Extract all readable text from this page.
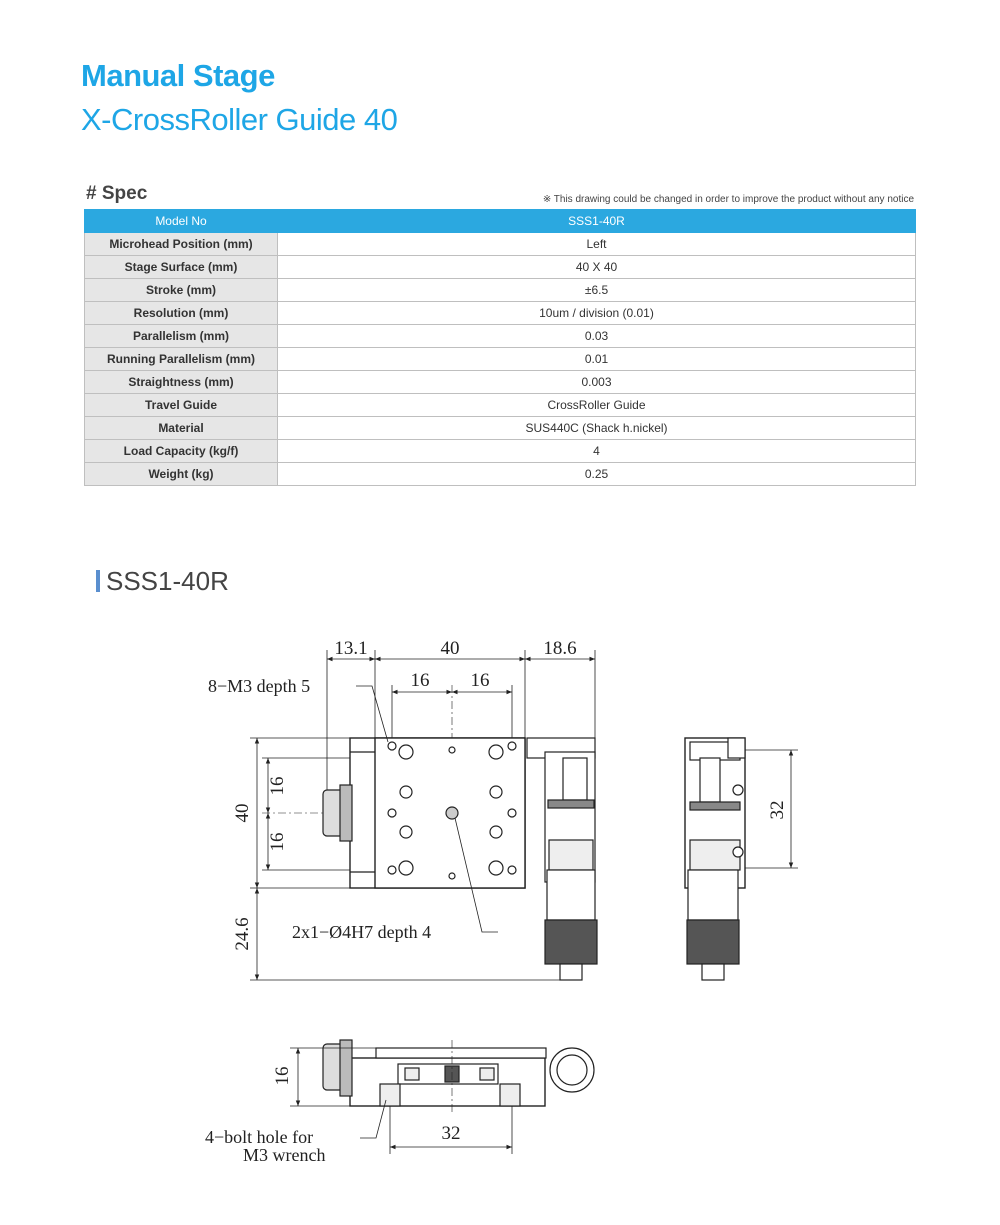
Manual Stage
X-CrossRoller Guide 40
# Spec	※ This drawing could be changed in order to improve the product without any notice
Model No	SSS1-40R
Microhead Position (mm)	Left
Stage Surface (mm)	40 X 40
Stroke (mm)	±6.5
Resolution (mm)	10um / division (0.01)
Parallelism (mm)	0.03
Running Parallelism (mm)	0.01
Straightness (mm)	0.003
Travel Guide	CrossRoller Guide
Material	SUS440C (Shack h.nickel)
Load Capacity (kg/f)	4
Weight (kg)	0.25
SSS1-40R
13.1	40	18.6
16 16
8−M3 depth 5
2x1−Ø4H7 depth 4
16
16
40
24.6
32
16
32
4−bolt hole for
M3 wrench
